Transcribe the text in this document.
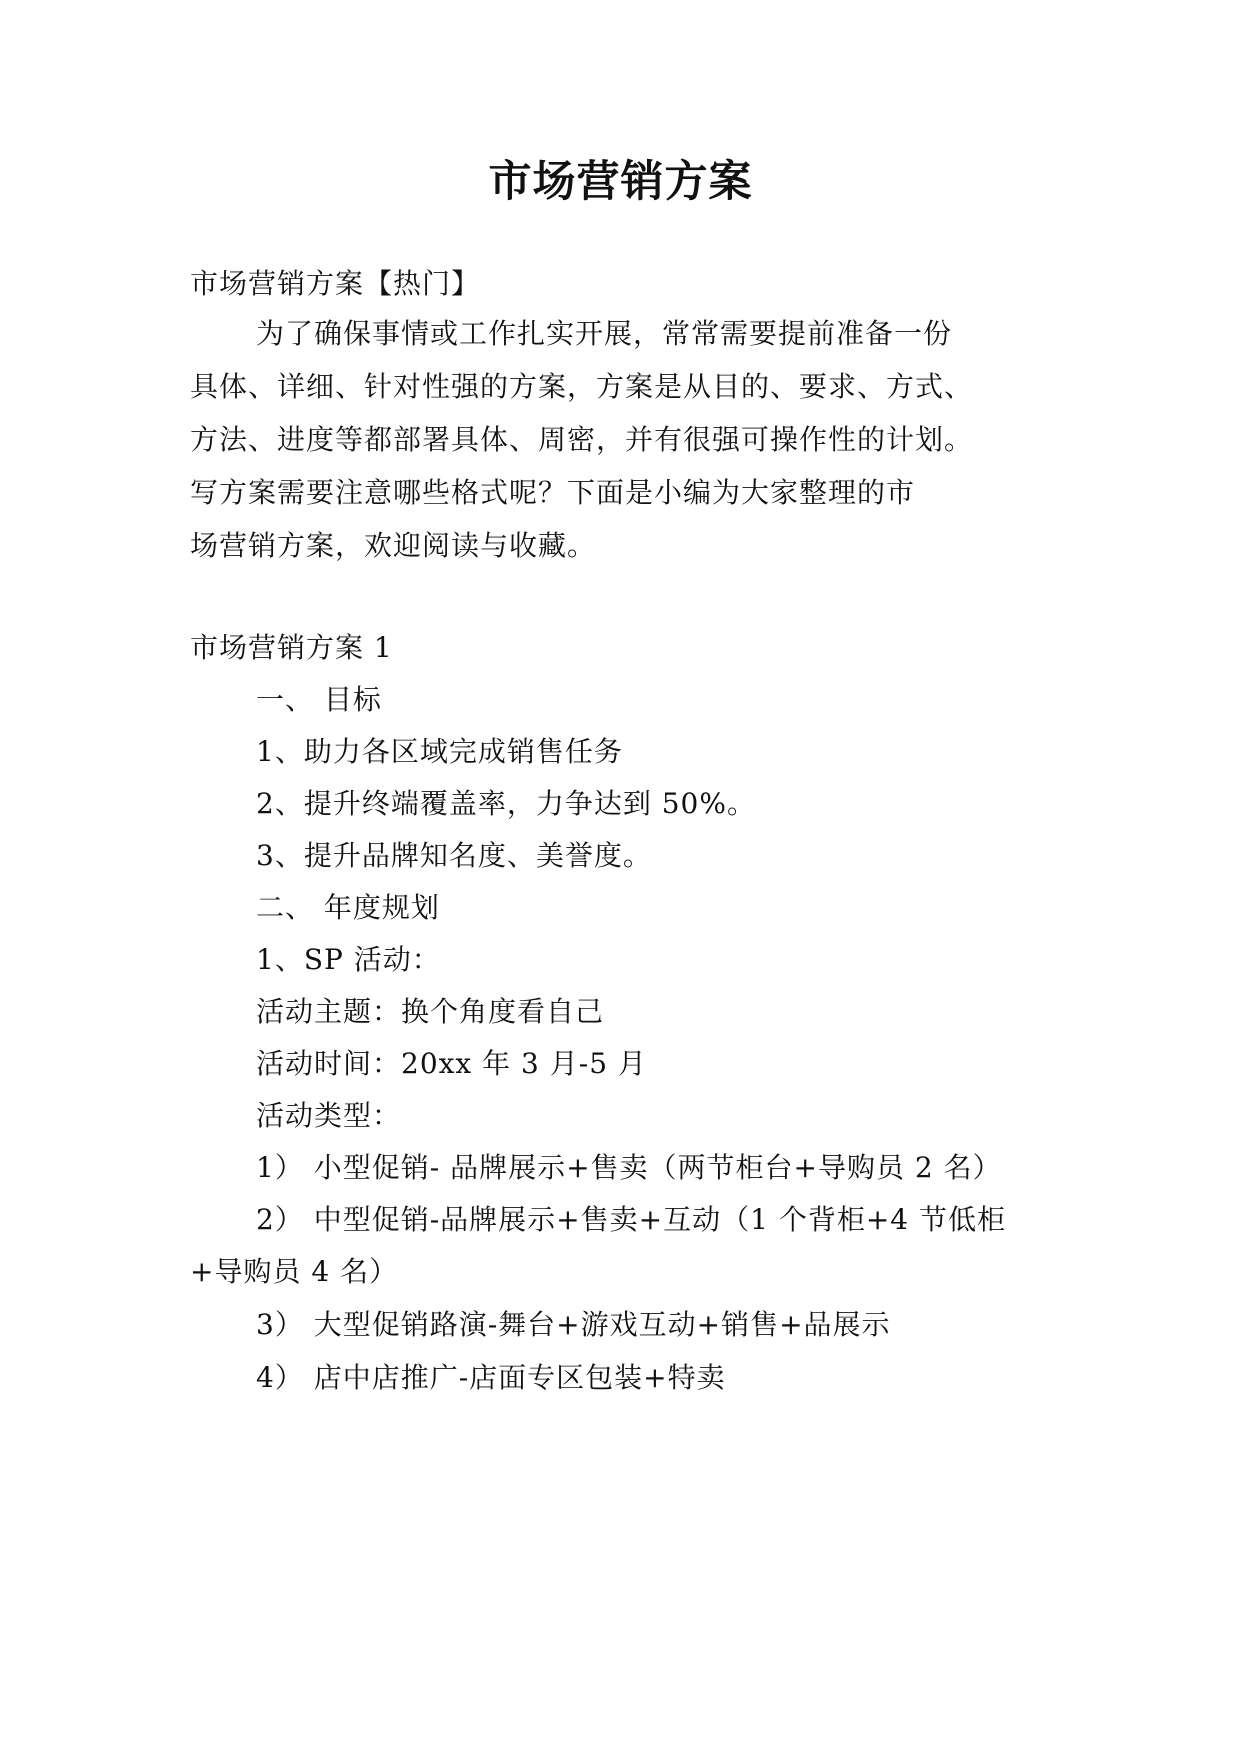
市场营销方案
市场营销方案【热门】
为了确保事情或工作扎实开展，常常需要提前准备一份
具体、详细、针对性强的方案，方案是从目的、要求、方式、
方法、进度等都部署具体、周密，并有很强可操作性的计划。
写方案需要注意哪些格式呢？下面是小编为大家整理的市
场营销方案，欢迎阅读与收藏。
市场营销方案 1
一、 目标
1、助力各区域完成销售任务
2、提升终端覆盖率，力争达到 50%。
3、提升品牌知名度、美誉度。
二、 年度规划
1、SP 活动：
活动主题：换个角度看自己
活动时间：20xx 年 3 月-5 月
活动类型：
1） 小型促销- 品牌展示+售卖（两节柜台+导购员 2 名）
2） 中型促销-品牌展示+售卖+互动（1 个背柜+4 节低柜
+导购员 4 名）
3） 大型促销路演-舞台+游戏互动+销售+品展示
4） 店中店推广-店面专区包装+特卖
